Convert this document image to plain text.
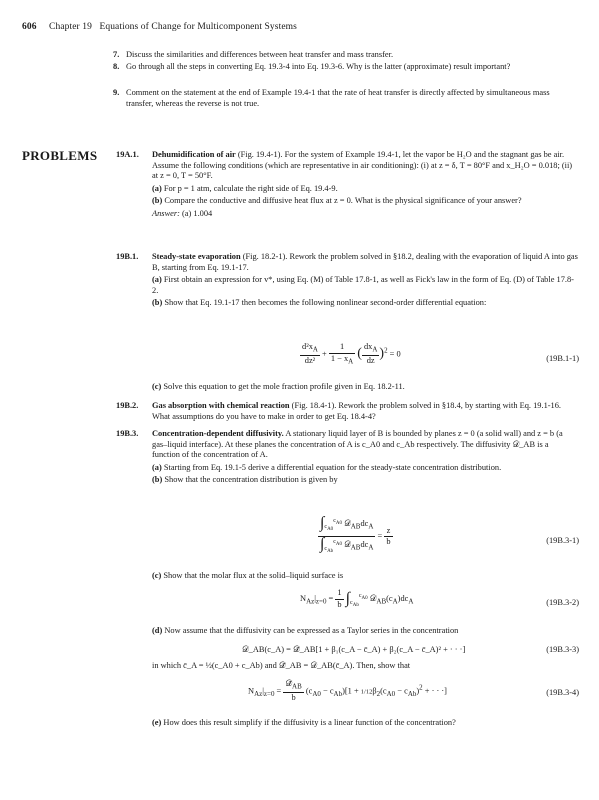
606 Chapter 19 Equations of Change for Multicomponent Systems
7. Discuss the similarities and differences between heat transfer and mass transfer.
8. Go through all the steps in converting Eq. 19.3-4 into Eq. 19.3-6. Why is the latter (approximate) result important?
9. Comment on the statement at the end of Example 19.4-1 that the rate of heat transfer is directly affected by simultaneous mass transfer, whereas the reverse is not true.
PROBLEMS 19A.1. Dehumidification of air (Fig. 19.4-1). For the system of Example 19.4-1, let the vapor be H₂O and the stagnant gas be air. Assume the following conditions (which are representative in air conditioning): (i) at z = δ, T = 80°F and x_H₂O = 0.018; (ii) at z = 0, T = 50°F.

(a) For p = 1 atm, calculate the right side of Eq. 19.4-9.

(b) Compare the conductive and diffusive heat flux at z = 0. What is the physical significance of your answer?

Answer: (a) 1.004

19B.1. Steady-state evaporation (Fig. 18.2-1). Rework the problem solved in §18.2, dealing with the evaporation of liquid A into gas B, starting from Eq. 19.1-17.

(a) First obtain an expression for v*, using Eq. (M) of Table 17.8-1, as well as Fick's law in the form of Eq. (D) of Table 17.8-2.

(b) Show that Eq. 19.1-17 then becomes the following nonlinear second-order differential equation:

$\frac{d^2x_A}{\text{dz²}} + \frac{1}{1 - x_A}$ ( $\frac{dx_A}{dz} )^2 = 0$
(19B.1-1)

(c) Solve this equation to get the mole fraction profile given in Eq. 18.2-11.

19B.2. Gas absorption with chemical reaction (Fig. 18.4-1). Rework the problem solved in §18.4, by starting with Eq. 19.1-16. What assumptions do you have to make in order to get Eq. 18.4-4?

19B.3. Concentration-dependent diffusivity. A stationary liquid layer of B is bounded by planes z = 0 (a solid wall) and z = b (a gas–liquid interface). At these planes the concentration of A is c_A0 and c_Ab respectively. The diffusivity 𝒟_AB is a function of the concentration of A.

(a) Starting from Eq. 19.1-5 derive a differential equation for the steady-state concentration distribution.

(b) Show that the concentration distribution is given by

$\frac{\int_{c_{A0}}^{c_{A0}} 𝒟_{AB}dc_A}{\int_{c_{Ab}}^{c_{A0}} 𝒟_{AB}dc_A} = \frac{z}{b}$	(19B.3-1)

(c) Show that the molar flux at the solid–liquid surface is

$N_{Az}|_{z=0} = \frac{1}{b} \int_{c_{Ab}}^{c_{A0}}$ $𝒟_{AB}(c_A)dc_A$	(19B.3-2)

(d) Now assume that the diffusivity can be expressed as a Taylor series in the concentration

𝒟_AB(c_A) = 𝒟̄_AB[1 + β₁(c_A − c̄_A) + β₂(c_A − c̄_A)² + · · ·]	(19B.3-3)

in which c̄_A = ½(c_A0 + c_Ab) and 𝒟̄_AB = 𝒟_AB(c̄_A). Then, show that

$N_{Az}|_{z=0} = \frac{𝒟̄_{AB}}{b} (c_{A0} - c_{Ab})[1 + 1/12\beta_2(c_{A0} - c_{Ab})^2$ + · · ·]	(19B.3-4)

(e) How does this result simplify if the diffusivity is a linear function of the concentration?
